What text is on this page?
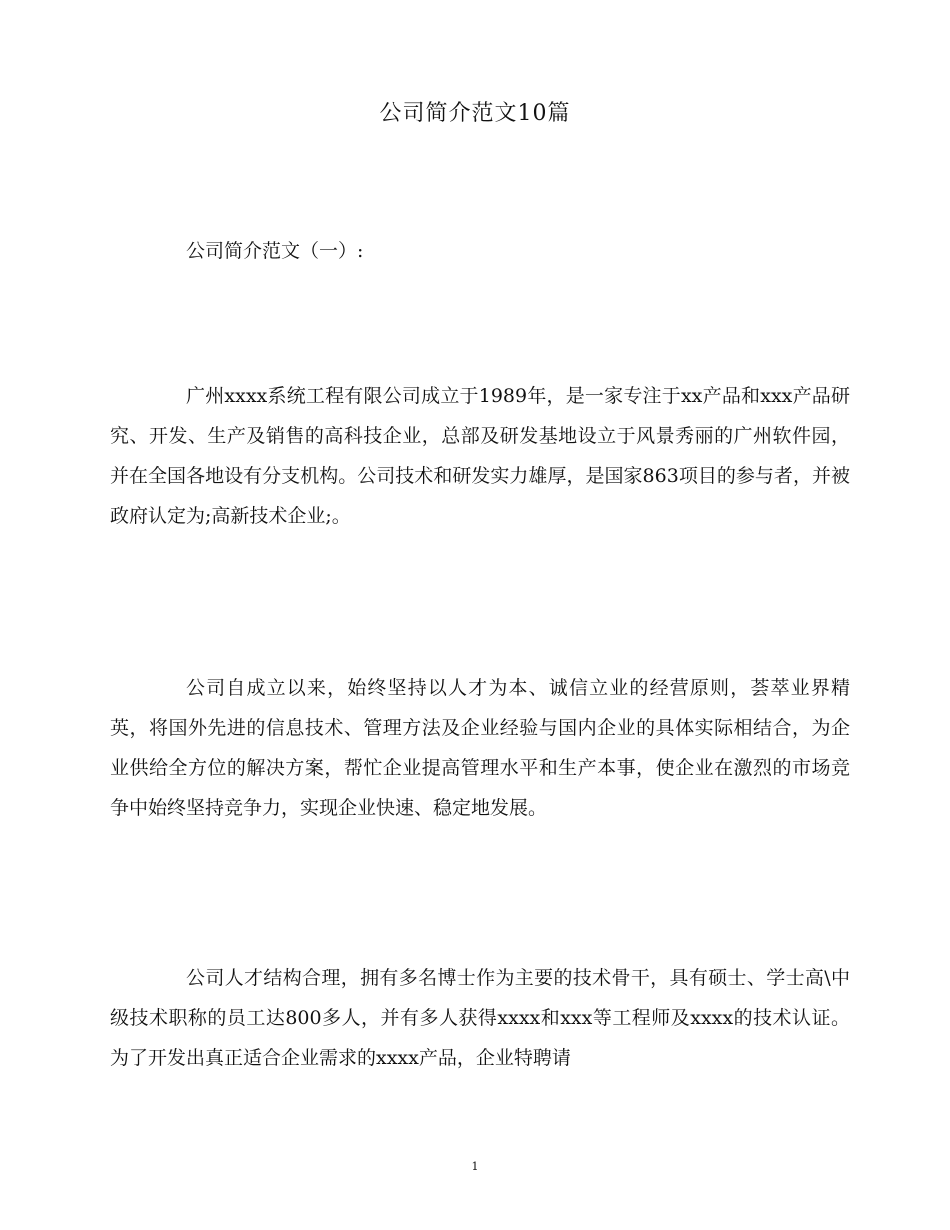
公司简介范文10篇
公司简介范文（一）:

广州xxxx系统工程有限公司成立于1989年，是一家专注于xx产品和xxx产品研究、开发、生产及销售的高科技企业，总部及研发基地设立于风景秀丽的广州软件园，并在全国各地设有分支机构。公司技术和研发实力雄厚，是国家863项目的参与者，并被政府认定为;高新技术企业;。

公司自成立以来，始终坚持以人才为本、诚信立业的经营原则，荟萃业界精英，将国外先进的信息技术、管理方法及企业经验与国内企业的具体实际相结合，为企业供给全方位的解决方案，帮忙企业提高管理水平和生产本事，使企业在激烈的市场竞争中始终坚持竞争力，实现企业快速、稳定地发展。

公司人才结构合理，拥有多名博士作为主要的技术骨干，具有硕士、学士高\中级技术职称的员工达800多人，并有多人获得xxxx和xxx等工程师及xxxx的技术认证。为了开发出真正适合企业需求的xxxx产品，企业特聘请

1
